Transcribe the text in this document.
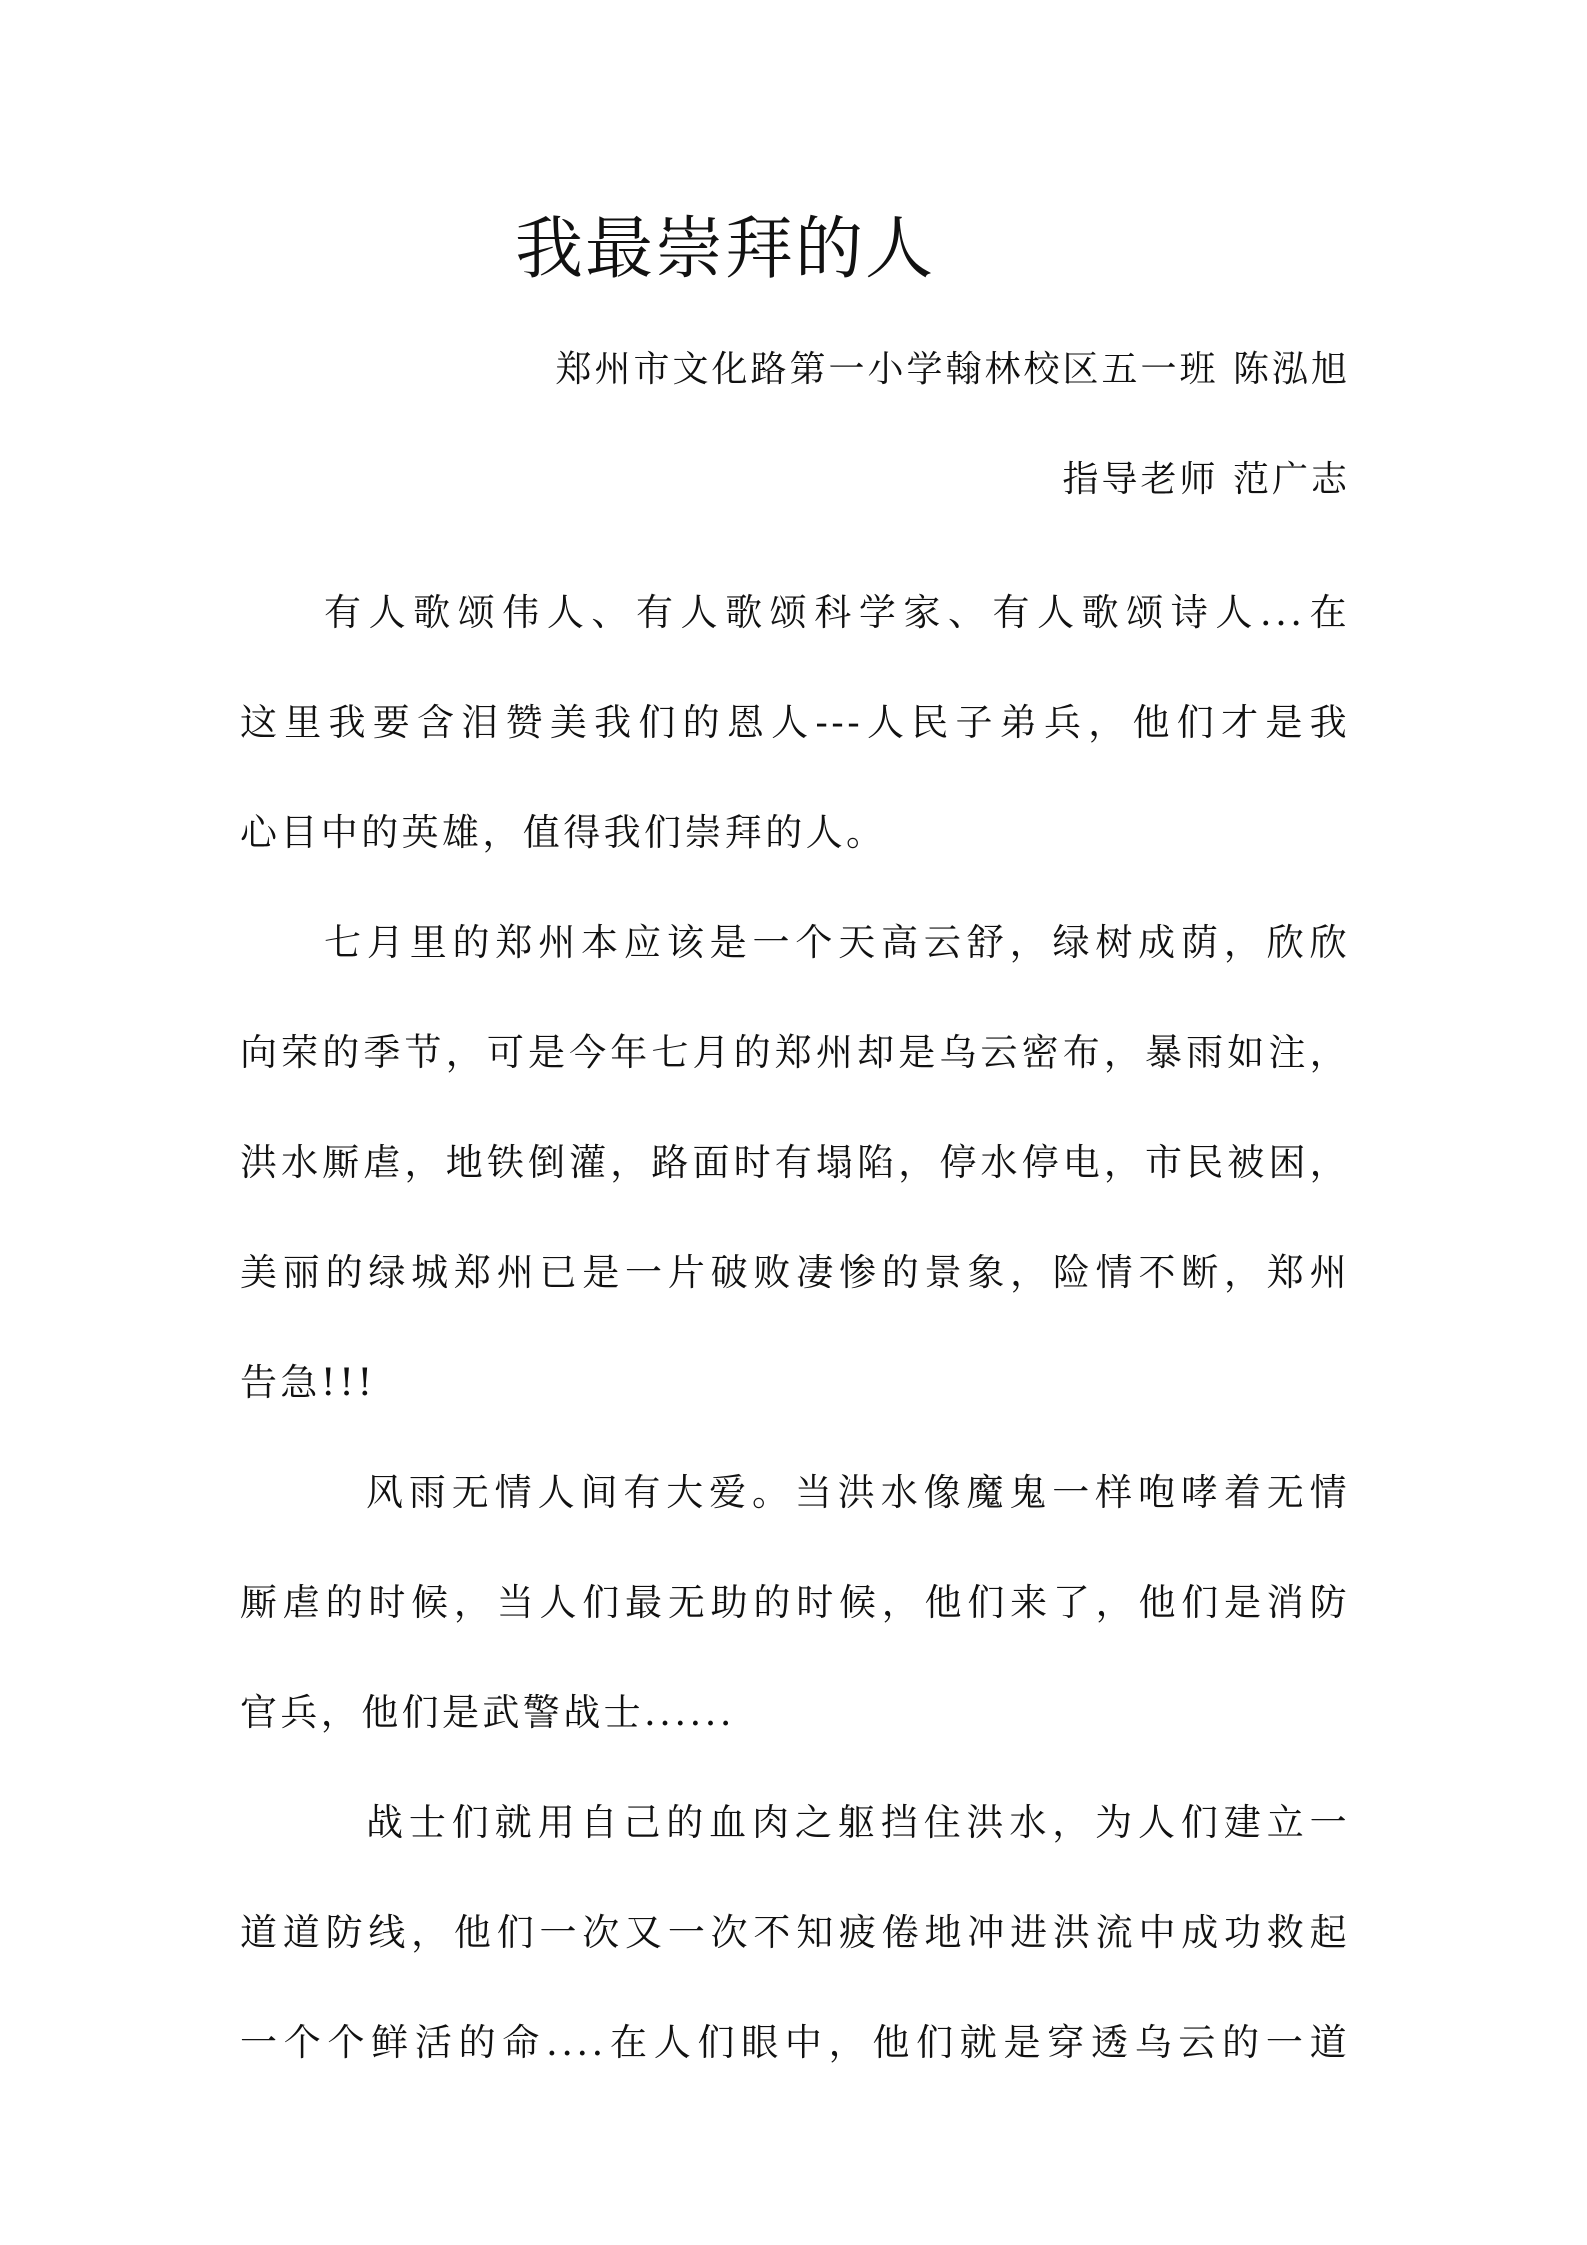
我最崇拜的人
郑州市文化路第一小学翰林校区五一班 陈泓旭
指导老师 范广志
有人歌颂伟人、有人歌颂科学家、有人歌颂诗人...在
这里我要含泪赞美我们的恩人---人民子弟兵，他们才是我
心目中的英雄，值得我们崇拜的人。
七月里的郑州本应该是一个天高云舒，绿树成荫，欣欣
向荣的季节，可是今年七月的郑州却是乌云密布，暴雨如注，
洪水厮虐，地铁倒灌，路面时有塌陷，停水停电，市民被困，
美丽的绿城郑州已是一片破败凄惨的景象，险情不断，郑州
告急!!!
风雨无情人间有大爱。当洪水像魔鬼一样咆哮着无情
厮虐的时候，当人们最无助的时候，他们来了，他们是消防
官兵，他们是武警战士......
战士们就用自己的血肉之躯挡住洪水，为人们建立一
道道防线，他们一次又一次不知疲倦地冲进洪流中成功救起
一个个鲜活的命....在人们眼中，他们就是穿透乌云的一道
